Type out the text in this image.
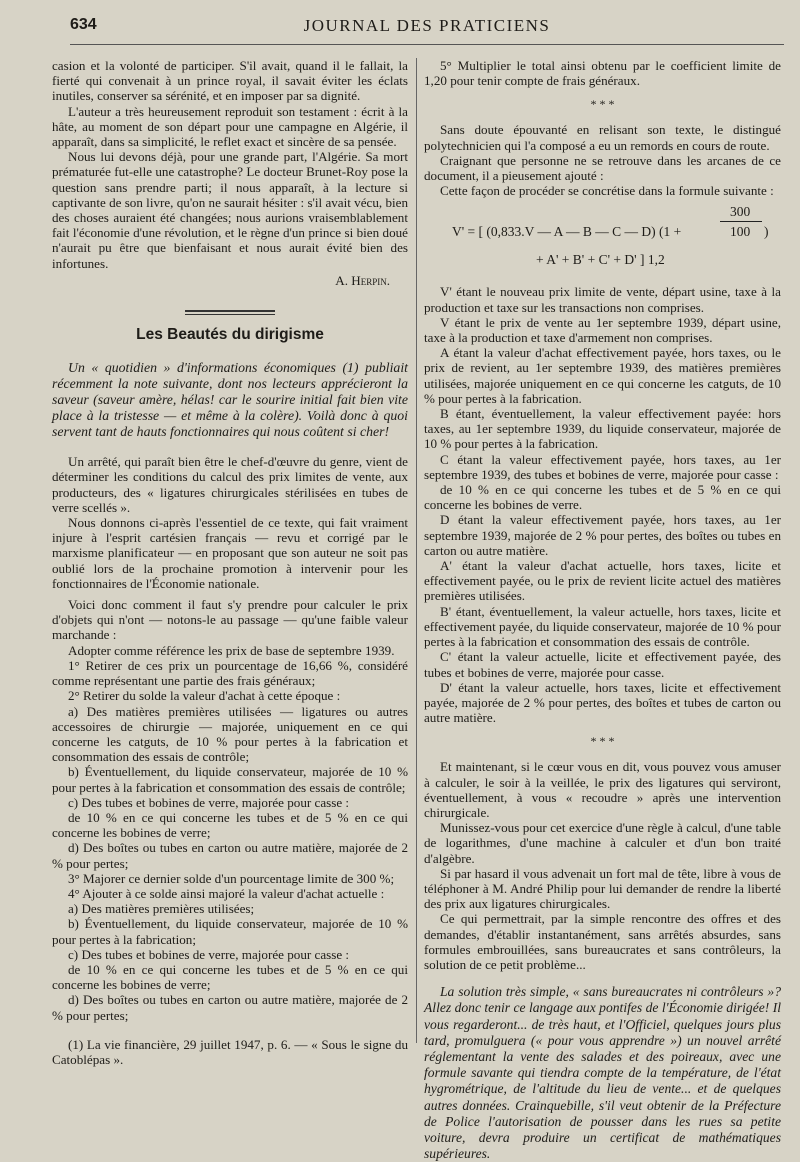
634	JOURNAL DES PRATICIENS

casion et la volonté de participer. S'il avait, quand il le fallait, la fierté qui convenait à un prince royal, il savait éviter les éclats inutiles, conserver sa sérénité, et en imposer par sa dignité.

L'auteur a très heureusement reproduit son testament : écrit à la hâte, au moment de son départ pour une campagne en Algérie, il apparaît, dans sa simplicité, le reflet exact et sincère de sa pensée.

Nous lui devons déjà, pour une grande part, l'Algérie. Sa mort prématurée fut-elle une catastrophe? Le docteur Brunet-Roy pose la question sans prendre parti; il nous apparaît, à la lecture si captivante de son livre, qu'on ne saurait hésiter : s'il avait vécu, bien des choses auraient été changées; nous aurions vraisemblablement fait l'économie d'une révolution, et le règne d'un prince si bien doué n'aurait pu être que bienfaisant et nous aurait évité bien des infortunes.

A. Herpin.

Les Beautés du dirigisme

Un « quotidien » d'informations économiques (1) publiait récemment la note suivante, dont nos lecteurs apprécieront la saveur (saveur amère, hélas! car le sourire initial fait bien vite place à la tristesse — et même à la colère). Voilà donc à quoi servent tant de hauts fonctionnaires qui nous coûtent si cher!

Un arrêté, qui paraît bien être le chef-d'œuvre du genre, vient de déterminer les conditions du calcul des prix limites de vente, aux producteurs, des « ligatures chirurgicales stérilisées en tubes de verre scellés ».

Nous donnons ci-après l'essentiel de ce texte, qui fait vraiment injure à l'esprit cartésien français — revu et corrigé par le marxisme planificateur — en proposant que son auteur ne soit pas oublié lors de la prochaine promotion à intervenir pour les fonctionnaires de l'Économie nationale.

Voici donc comment il faut s'y prendre pour calculer le prix d'objets qui n'ont — notons-le au passage — qu'une faible valeur marchande :

Adopter comme référence les prix de base de septembre 1939.

1° Retirer de ces prix un pourcentage de 16,66 %, considéré comme représentant une partie des frais généraux;

2° Retirer du solde la valeur d'achat à cette époque :

a) Des matières premières utilisées — ligatures ou autres accessoires de chirurgie — majorée, uniquement en ce qui concerne les catguts, de 10 % pour pertes à la fabrication et consommation des essais de contrôle;

b) Éventuellement, du liquide conservateur, majorée de 10 % pour pertes à la fabrication et consommation des essais de contrôle;

c) Des tubes et bobines de verre, majorée pour casse :

de 10 % en ce qui concerne les tubes et de 5 % en ce qui concerne les bobines de verre;

d) Des boîtes ou tubes en carton ou autre matière, majorée de 2 % pour pertes;

3° Majorer ce dernier solde d'un pourcentage limite de 300 %;

4° Ajouter à ce solde ainsi majoré la valeur d'achat actuelle :

a) Des matières premières utilisées;

b) Éventuellement, du liquide conservateur, majorée de 10 % pour pertes à la fabrication;

c) Des tubes et bobines de verre, majorée pour casse :

de 10 % en ce qui concerne les tubes et de 5 % en ce qui concerne les bobines de verre;

d) Des boîtes ou tubes en carton ou autre matière, majorée de 2 % pour pertes;

(1) La vie financière, 29 juillet 1947, p. 6. — « Sous le signe du Catoblépas ».

5° Multiplier le total ainsi obtenu par le coefficient limite de 1,20 pour tenir compte de frais généraux.

* * *

Sans doute épouvanté en relisant son texte, le distingué polytechnicien qui l'a composé a eu un remords en cours de route.

Craignant que personne ne se retrouve dans les arcanes de ce document, il a pieusement ajouté :

Cette façon de procéder se concrétise dans la formule suivante :

V' = [ (0,833.V — A — B — C — D) (1 +
300
100 )
+ A' + B' + C' + D' ] 1,2

V' étant le nouveau prix limite de vente, départ usine, taxe à la production et taxe sur les transactions non comprises.

V étant le prix de vente au 1er septembre 1939, départ usine, taxe à la production et taxe d'armement non comprises.

A étant la valeur d'achat effectivement payée, hors taxes, ou le prix de revient, au 1er septembre 1939, des matières premières utilisées, majorée uniquement en ce qui concerne les catguts, de 10 % pour pertes à la fabrication.

B étant, éventuellement, la valeur effectivement payée: hors taxes, au 1er septembre 1939, du liquide conservateur, majorée de 10 % pour pertes à la fabrication.

C étant la valeur effectivement payée, hors taxes, au 1er septembre 1939, des tubes et bobines de verre, majorée pour casse :

de 10 % en ce qui concerne les tubes et de 5 % en ce qui concerne les bobines de verre.

D étant la valeur effectivement payée, hors taxes, au 1er septembre 1939, majorée de 2 % pour pertes, des boîtes ou tubes en carton ou autre matière.

A' étant la valeur d'achat actuelle, hors taxes, licite et effectivement payée, ou le prix de revient licite actuel des matières premières utilisées.

B' étant, éventuellement, la valeur actuelle, hors taxes, licite et effectivement payée, du liquide conservateur, majorée de 10 % pour pertes à la fabrication et consommation des essais de contrôle.

C' étant la valeur actuelle, licite et effectivement payée, des tubes et bobines de verre, majorée pour casse.

D' étant la valeur actuelle, hors taxes, licite et effectivement payée, majorée de 2 % pour pertes, des boîtes et tubes de carton ou autre matière.

* * *

Et maintenant, si le cœur vous en dit, vous pouvez vous amuser à calculer, le soir à la veillée, le prix des ligatures qui serviront, éventuellement, à vous « recoudre » après une intervention chirurgicale.

Munissez-vous pour cet exercice d'une règle à calcul, d'une table de logarithmes, d'une machine à calculer et d'un bon traité d'algèbre.

Si par hasard il vous advenait un fort mal de tête, libre à vous de téléphoner à M. André Philip pour lui demander de rendre la liberté des prix aux ligatures chirurgicales.

Ce qui permettrait, par la simple rencontre des offres et des demandes, d'établir instantanément, sans arrêtés absurdes, sans formules embrouillées, sans bureaucrates et sans contrôleurs, la solution de ce petit problème...

La solution très simple, « sans bureaucrates ni contrôleurs »? Allez donc tenir ce langage aux pontifes de l'Économie dirigée! Il vous regarderont... de très haut, et l'Officiel, quelques jours plus tard, promulguera (« pour vous apprendre ») un nouvel arrêté réglementant la vente des salades et des poireaux, avec une formule savante qui tiendra compte de la température, de l'état hygrométrique, de l'altitude du lieu de vente... et de quelques autres données. Crainquebille, s'il veut obtenir de la Préfecture de Police l'autorisation de pousser dans les rues sa petite voiture, devra produire un certificat de mathématiques supérieures.
